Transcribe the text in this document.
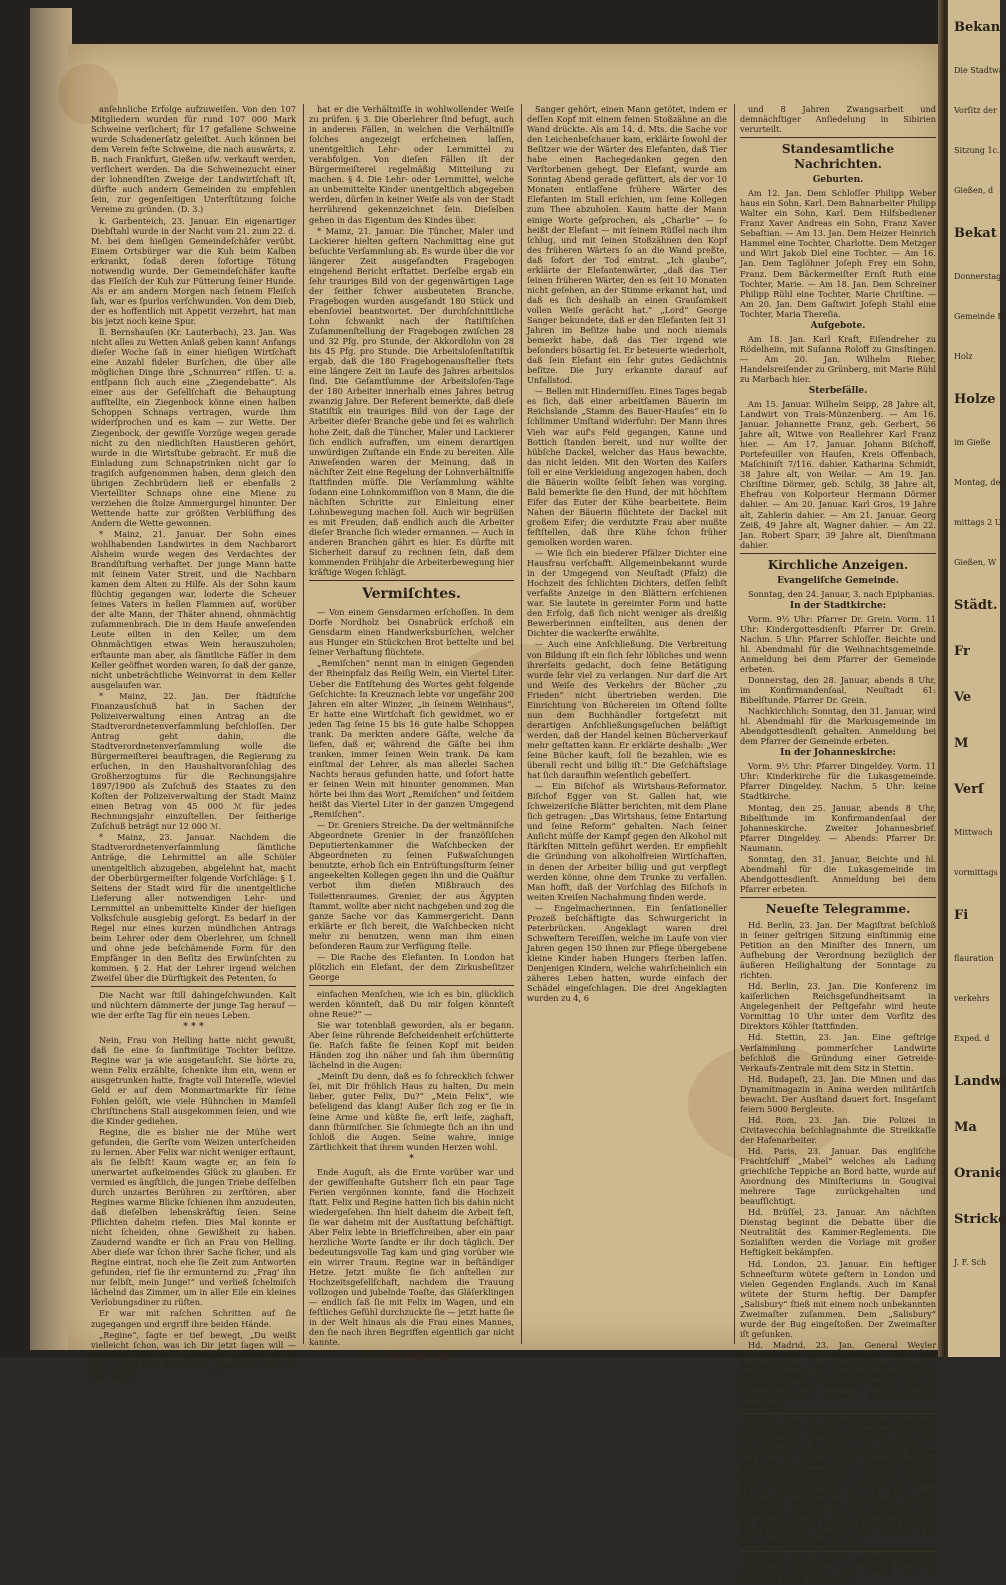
anſehnliche Erfolge aufzuweiſen. Von den 107 Mitgliedern wurden für rund 107 000 Mark Schweine verſichert; für 17 gefallene Schweine wurde Schadenerſatz geleiſtet. Auch können bei dem Verein feſte Schweine, die nach auswärts, z. B. nach Frankfurt, Gießen uſw. verkauft werden, verſichert werden. Da die Schweinezucht einer der lohnendſten Zweige der Landwirtſchaft iſt, dürfte auch andern Gemeinden zu empfehlen ſein, zur gegenſeitigen Unterſtützung ſolche Vereine zu gründen. (D. 3.)

k. Garbenteich, 23. Januar. Ein eigenartiger Diebſtahl wurde in der Nacht vom 21. zum 22. d. M. bei dem hieſigen Gemeindeſchäfer verübt. Einem Ortsbürger war die Kuh beim Kalben erkrankt, ſodaß deren ſofortige Tötung notwendig wurde. Der Gemeindeſchäfer kaufte das Fleiſch der Kuh zur Fütterung ſeiner Hunde. Als er am andern Morgen nach ſeinem Fleiſch ſah, war es ſpurlos verſchwunden. Von dem Dieb, der es hoffentlich mit Appetit verzehrt, hat man bis jetzt noch keine Spur.

ll. Bernshauſen (Kr. Lauterbach), 23. Jan. Was nicht alles zu Wetten Anlaß geben kann! Anfangs dieſer Woche ſaß in einer hieſigen Wirtſchaft eine Anzahl fideler Burſchen, die über alle möglichen Dinge ihre „Schnurren“ riſſen. U. a. entſpann ſich auch eine „Ziegendebatte“. Als einer aus der Geſellſchaft die Behauptung aufſtellte, ein Ziegenbock könne einen halben Schoppen Schnaps vertragen, wurde ihm widerſprochen und es kam — zur Wette. Der Ziegenbock, der gewiſſe Vorzüge wegen gerade nicht zu den niedlichſten Haustieren gehört, wurde in die Wirtsſtube gebracht. Er muß die Einladung zum Schnapstrinken nicht gar ſo tragiſch aufgenommen haben, denn gleich den übrigen Zechbrüdern ließ er ebenfalls 2 Viertelliter Schnaps ohne eine Miene zu verziehen die ſtolze Ammergurgel hinunter. Der Wettende hatte zur größten Verblüffung des Andern die Wette gewonnen.

* Mainz, 21. Januar. Der Sohn eines wohlhabenden Landwirtes in dem Nachbarort Alsheim wurde wegen des Verdachtes der Brandſtiftung verhaftet. Der junge Mann hatte mit ſeinem Vater Streit, und die Nachbarn kamen dem Alten zu Hilfe. Als der Sohn kaum flüchtig gegangen war, loderte die Scheuer ſeines Vaters in hellen Flammen auf, worüber der alte Mann, der Thäter ahnend, ohnmächtig zuſammenbrach. Die in dem Hauſe anweſenden Leute eilten in den Keller, um dem Ohnmächtigen etwas Wein herauszuholen; erſtaunte man aber, als ſämtliche Fäſſer in dem Keller geöffnet worden waren, ſo daß der ganze, nicht unbeträchtliche Weinvorrat in dem Keller ausgelaufen war.

* Mainz, 22. Jan. Der ſtädtiſche Finanzausſchuß hat in Sachen der Polizeiverwaltung einen Antrag an die Stadtverordnetenverſammlung beſchloſſen. Der Antrag geht dahin, die Stadtverordnetenverſammlung wolle die Bürgermeiſterei beauftragen, die Regierung zu erſuchen, in den Haushaltvoranſchlag des Großherzogtums für die Rechnungsjahre 1897/1900 als Zuſchuß des Staates zu den Koſten der Polizeiverwaltung der Stadt Mainz einen Betrag von 45 000 ℳ für jedes Rechnungsjahr einzuſtellen. Der ſeitherige Zuſchuß beträgt nur 12 000 ℳ.

* Mainz, 23. Januar. Nachdem die Stadtverordnetenverſammlung ſämtliche Anträge, die Lehrmittel an alle Schüler unentgeltlich abzugeben, abgelehnt hat, macht der Oberbürgermeiſter folgende Vorſchläge: § 1. Seitens der Stadt wird für die unentgeltliche Lieferung aller notwendigen Lehr- und Lernmittel an unbemittelte Kinder der hieſigen Volksſchule ausgiebig geſorgt. Es bedarf in der Regel nur eines kurzen mündlichen Antrags beim Lehrer oder dem Oberlehrer, um ſchnell und ohne jede beſchämende Form für den Empfänger in den Beſitz des Erwünſchten zu kommen. § 2. Hat der Lehrer irgend welchen Zweifel über die Dürftigkeit des Petenten, ſo

Die Nacht war ſtill dahingeſchwunden. Kalt und nüchtern dämmerte der junge Tag herauf — wie der erſte Tag für ein neues Leben.

* * *

Nein, Frau von Helling hatte nicht gewußt, daß ſie eine ſo ſanftmütige Tochter beſitze. Regine war ja wie ausgetauſcht. Sie hörte zu, wenn Felix erzählte, ſchenkte ihm ein, wenn er ausgetrunken hatte, fragte voll Intereſſe, wieviel Geld er auf dem Monmartmarkte für ſeine Fohlen gelöſt, wie viele Hühnchen in Mamſell Chriſtinchens Stall ausgekommen ſeien, und wie die Kinder gediehen.

Regine, die es bisher nie der Mühe wert gefunden, die Gerſte vom Weizen unterſcheiden zu lernen. Aber Felix war nicht weniger erſtaunt, als ſie ſelbſt! Kaum wagte er, an ſein ſo unerwartet aufkeimendes Glück zu glauben. Er vermied es ängſtlich, die jungen Triebe deſſelben durch unzartes Berühren zu zerſtören, aber Regines warme Blicke ſchienen ihm anzudeuten, daß dieſelben lebenskräftig ſeien. Seine Pflichten daheim riefen. Dies Mal konnte er nicht ſcheiden, ohne Gewißheit zu haben. Zaudernd wandte er ſich an Frau von Helling. Aber dieſe war ſchon ihrer Sache ſicher, und als Regine eintrat, noch ehe ſie Zeit zum Antworten gefunden, rief ſie ihr ermunternd zu: „Frag' ihn nur ſelbſt, mein Junge!“ und verließ ſchelmiſch lächelnd das Zimmer, um in aller Eile ein kleines Verlobungsdiner zu rüſten.

Er war mit raſchen Schritten auf ſie zugegangen und ergriff ihre beiden Hände.

„Regine“, ſagte er tief bewegt, „Du weißt vielleicht ſchon, was ich Dir jetzt ſagen will — daß ich Dich liebe habe, ganz unbeſchreiblich lieb — darf ich“, er ſtockte, „glaubſt Du, daß Du mit einem

hat er die Verhältniſſe in wohlwollender Weiſe zu prüfen. § 3. Die Oberlehrer ſind befugt, auch in anderen Fällen, in welchen die Verhältniſſe ſolches angezeigt erſcheinen laſſen, unentgeltlich Lehr- oder Lernmittel zu verabfolgen. Von dieſen Fällen iſt der Bürgermeiſterei regelmäßig Mitteilung zu machen. § 4. Die Lehr- oder Lernmittel, welche an unbemittelte Kinder unentgeltlich abgegeben werden, dürfen in keiner Weiſe als von der Stadt herrührend gekennzeichnet ſein. Dieſelben gehen in das Eigentum des Kindes über.

* Mainz, 21. Januar. Die Tüncher, Maler und Lackierer hielten geſtern Nachmittag eine gut beſuchte Verſammlung ab. Es wurde über die vor längerer Zeit ausgeſandten Fragebogen eingehend Bericht erſtattet. Derſelbe ergab ein ſehr trauriges Bild von der gegenwärtigen Lage der ſeither ſchwer ausbeuteten Branche. Fragebogen wurden ausgeſandt 180 Stück und ebenſoviel beantwortet. Der durchſchnittliche Lohn ſchwankt nach der ſtatiſtiſchen Zuſammenſtellung der Fragebogen zwiſchen 28 und 32 Pfg. pro Stunde, der Akkordlohn von 28 bis 45 Pfg. pro Stunde. Die Arbeitsloſenſtatiſtik ergab, daß die 180 Fragebogenausſteller ſtets eine längere Zeit im Laufe des Jahres arbeitslos ſind. Die Geſamtſumme der Arbeitsloſen-Tage der 180 Arbeiter innerhalb eines Jahres betrug zwanzig Jahre. Der Referent bemerkte, daß dieſe Statiſtik ein trauriges Bild von der Lage der Arbeiter dieſer Branche gebe und ſei es wahrlich hohe Zeit, daß die Tüncher, Maler und Lackierer ſich endlich aufraffen, um einem derartigen unwürdigen Zuſtande ein Ende zu bereiten. Alle Anweſenden waren der Meinung, daß in nächſter Zeit eine Regelung der Lohnverhältniſſe ſtattfinden müſſe. Die Verſammlung wählte ſodann eine Lohnkommiſſion von 8 Mann, die die nächſten Schritte zur Einleitung einer Lohnbewegung machen ſoll. Auch wir begrüßen es mit Freuden, daß endlich auch die Arbeiter dieſer Branche ſich wieder ermannen. — Auch in anderen Branchen gährt es hier. Es dürfte mit Sicherheit darauf zu rechnen ſein, daß dem kommenden Frühjahr die Arbeiterbewegung hier kräftige Wogen ſchlägt.

Vermiſchtes.

— Von einem Gensdarmen erſchoſſen. In dem Dorfe Nordholz bei Osnabrück erſchoß ein Gensdarm einen Handwerksburſchen, welcher aus Hunger ein Stückchen Brot bettelte und bei ſeiner Verhaftung flüchtete.

„Remiſchen“ nennt man in einigen Gegenden der Rheinpfalz das Reiſig Wein, ein Viertel Liter. Ueber die Entſtehung des Wortes geht folgende Geſchichte: In Kreuznach lebte vor ungefähr 200 Jahren ein alter Winzer, „in ſeinem Weinhaus“, Er hatte eine Wirtſchaft ſich gewidmet, wo er jeden Tag ſeine 15 bis 16 gute halbe Schoppen trank. Da merkten andere Gäſte, welche da liefen, daß er, während die Gäſte bei ihm tranken, immer ſeinen Wein trank. Da kam einſtmal der Lehrer, als man allerlei Sachen Nachts heraus gefunden hatte, und ſofort hatte er ſeinen Wein mit hinunter genommen. Man hörte bei ihm das Wort „Remiſchen“ und ſeitdem heißt das Viertel Liter in der ganzen Umgegend „Remiſchen“.

— Dr. Greniers Streiche. Da der weltmänniſche Abgeordnete Grenier in der franzöſiſchen Deputiertenkammer die Waſchbecken der Abgeordneten zu ſeinen Fußwaſchungen benutzte, erhob ſich ein Entrüſtungsſturm ſeiner angeekelten Kollegen gegen ihn und die Quäſtur verbot ihm dieſen Mißbrauch des Toilettenraumes. Grenier, der aus Ägypten ſtammt, wollte aber nicht nachgeben und zog die ganze Sache vor das Kammergericht. Dann erklärte er ſich bereit, die Waſchbecken nicht mehr zu benutzen, wenn man ihm einen beſonderen Raum zur Verfügung ſtelle.

— Die Rache des Elefanten. In London hat plötzlich ein Elefant, der dem Zirkusbeſitzer George

einfachen Menſchen, wie ich es bin, glücklich werden könnteſt, daß Du mir folgen könnteſt ohne Reue?“ —

Sie war totenblaß geworden, als er begann. Aber ſeine rührende Beſcheidenheit erſchütterte ſie. Raſch faßte ſie ſeinen Kopf mit beiden Händen zog ihn näher und ſah ihm übermütig lächelnd in die Augen:

„Meinſt Du denn, daß es ſo ſchrecklich ſchwer ſei, mit Dir fröhlich Haus zu halten, Du mein lieber, guter Felix, Du?“ „Mein Felix“, wie beſeligend das klang! Außer ſich zog er ſie in ſeine Arme und küßte ſie, erſt leiſe, zaghaft, dann ſtürmiſcher. Sie ſchmiegte ſich an ihn und ſchloß die Augen. Seine wahre, innige Zärtlichkeit that ihrem wunden Herzen wohl.

*

Ende Auguſt, als die Ernte vorüber war und der gewiſſenhafte Gutsherr ſich ein paar Tage Ferien vergönnen konnte, fand die Hochzeit ſtatt. Felix und Regine hatten ſich bis dahin nicht wiedergeſehen. Ihn hielt daheim die Arbeit feſt, ſie war daheim mit der Ausſtattung beſchäftigt. Aber Felix lebte in Briefſchreiben, aber ein paar herzliche Worte ſandte er ihr doch täglich. Der bedeutungsvolle Tag kam und ging vorüber wie ein wirrer Traum. Regine war in beſtändiger Hetze. Jetzt mußte ſie ſich anſtellen zur Hochzeitsgeſellſchaft, nachdem die Trauung vollzogen und jubelnde Toaſte, das Gläſerklingen — endlich ſaß ſie mit Felix im Wagen, und ein feſtliches Gefühl durchzuckte ſie — jetzt hatte ſie in der Welt hinaus als die Frau eines Mannes, den ſie nach ihren Begriffen eigentlich gar nicht kannte.

(Fortſetzung folgt.)

Sanger gehört, einen Mann getötet, indem er deſſen Kopf mit einem feinen Stoßzähne an die Wand drückte. Als am 14. d. Mts. die Sache vor den Leichenbeſchauer kam, erklärte ſowohl der Beſitzer wie der Wärter des Elefanten, daß Tier habe einen Rachegedanken gegen den Verſtorbenen gehegt. Der Elefant, wurde am Sonntag Abend gerade gefüttert, als der vor 10 Monaten entlaſſene frühere Wärter des Elefanten im Stall erſchien, um ſeine Kollegen zum Thee abzuholen. Kaum hatte der Mann einige Worte geſprochen, als „Charlie“ — ſo heißt der Elefant — mit ſeinem Rüſſel nach ihm ſchlug, und mit ſeinen Stoßzähnen den Kopf des früheren Wärters ſo an die Wand preßte, daß ſofort der Tod eintrat. „Ich glaube“, erklärte der Elefantenwärter, „daß das Tier ſeinen früheren Wärter, den es ſeit 10 Monaten nicht geſehen, an der Stimme erkannt hat, und daß es ſich deshalb an einen Grauſamkeit vollen Weiſe gerächt hat.“ „Lord“ George Sanger bekundete, daß er den Elefanten ſeit 31 Jahren im Beſitze habe und noch niemals bemerkt habe, daß das Tier irgend wie beſonders bösartig ſei. Er beteuerte wiederholt, daß ſein Elefant ein ſehr gutes Gedächtnis beſitze. Die Jury erkannte darauf auf Unfallstod.

— Bellen mit Hinderniſſen. Eines Tages begab es ſich, daß einer arbeitſamen Bäuerin im Reichslande „Stamm des Bauer-Hauſes“ ein ſo ſchlimmer Umſtand widerfuhr: Der Mann ihres Vieh war auf's Feld gegangen, Kanne und Bottich ſtanden bereit, und nur wollte der hübſche Dackel, welcher das Haus bewachte, das nicht leiden. Mit den Worten des Kaiſers ſoll er eine Verkleidung angezogen haben, doch die Bäuerin wollte ſelbſt ſehen was vorging. Bald bemerkte ſie den Hund, der mit höchſtem Eifer das Euter der Kühe bearbeitete. Beim Nahen der Bäuerin flüchtete der Dackel mit großem Eifer; die verdutzte Frau aber mußte feſtſtellen, daß ihre Kühe ſchon früher gemolken worden waren.

— Wie ſich ein biederer Pfälzer Dichter eine Hausfrau verſchafft. Allgemeinbekannt wurde in der Umgegend von Neuſtadt (Pfalz) die Hochzeit des ſchlichten Dichters, deſſen ſelbſt verfaßte Anzeige in den Blättern erſchienen war. Sie lautete in gereimter Form und hatte den Erfolg, daß ſich nicht weniger als dreißig Bewerberinnen einſtellten, aus denen der Dichter die wackerſte erwählte.

— Auch eine Anſchließung. Die Verbreitung von Bildung iſt ein ſich ſehr löbliches und wenn ihrerſeits gedacht, doch ſeine Betätigung wurde ſehr viel zu verlangen. Nur darf die Art und Weiſe des Verkehrs der Bücher „zu Frieden“ nicht übertrieben werden. Die Einrichtung von Büchereien im Oſtend ſollte nun dem Buchhändler fortgeſetzt mit derartigen Anſchließungsgeſuchen beläſtigt werden, daß der Handel keinen Bücherverkauf mehr geſtatten kann. Er erklärte deshalb: „Wer ſeine Bücher kauft, ſoll ſie bezahlen, wie es überall recht und billig iſt.“ Die Geſchäftslage hat ſich daraufhin weſentlich gebeſſert.

— Ein Biſchof als Wirtshaus-Reformator. Biſchof Egger von St. Gallen hat, wie ſchweizeriſche Blätter berichten, mit dem Plane ſich getragen: „Das Wirtshaus, ſeine Entartung und ſeine Reform“ gehalten. Nach ſeiner Anſicht müſſe der Kampf gegen den Alkohol mit ſtärkſten Mitteln geführt werden. Er empfiehlt die Gründung von alkoholfreien Wirtſchaften, in denen der Arbeiter billig und gut verpflegt werden könne, ohne dem Trunke zu verfallen. Man hofft, daß der Vorſchlag des Biſchofs in weiten Kreiſen Nachahmung finden werde.

— Engelmacherinnen. Ein ſenſationeller Prozeß beſchäftigte das Schwurgericht in Peterbrücken. Angeklagt waren drei Schweſtern Tereiſſen, welche im Laufe von vier Jahren gegen 150 ihnen zur Pflege übergebene kleine Kinder haben Hungers ſterben laſſen. Denjenigen Kindern, welche wahrſcheinlich ein zäheres Leben hatten, wurde einfach der Schädel eingeſchlagen. Die drei Angeklagten wurden zu 4, 6

und 8 Jahren Zwangsarbeit und demnächſtiger Anſiedelung in Sibirien verurteilt.

Standesamtliche Nachrichten.

Geburten.

Am 12. Jan. Dem Schloſſer Philipp Weber haus ein Sohn, Karl. Dem Bahnarbeiter Philipp Walter ein Sohn, Karl. Dem Hilfsbediener Franz Xaver Andreas ein Sohn, Franz Xaver Sebaſtian. — Am 13. Jan. Dem Heizer Heinrich Hammel eine Tochter, Charlotte. Dem Metzger und Wirt Jakob Diel eine Tochter. — Am 16. Jan. Dem Taglöhner Joſeph Frey ein Sohn, Franz. Dem Bäckermeiſter Ernſt Ruth eine Tochter, Marie. — Am 18. Jan. Dem Schreiner Philipp Rühl eine Tochter, Marie Chriſtine. — Am 20. Jan. Dem Gaſtwirt Joſeph Stahl eine Tochter, Maria Thereſia.

Aufgebote.

Am 18. Jan. Karl Kraft, Eiſendreher zu Rödelheim, mit Suſanna Roloff zu Ginsſtingen. — Am 20. Jan. Wilhelm Rieber, Handelsreiſender zu Grünberg, mit Marie Rühl zu Marbach hier.

Sterbefälle.

Am 15. Januar. Wilhelm Seipp, 28 Jahre alt, Landwirt von Trais-Münzenberg. — Am 16. Januar. Johannette Franz, geb. Gerbert, 56 Jahre alt, Witwe von Reallehrer Karl Franz hier. — Am 17. Januar. Johann Biſchoff, Portefeuiller von Hauſen, Kreis Offenbach, Maſchiniſt 7/116. dahier. Katharina Schmidt, 38 Jahre alt, von Weilar. — Am 19. Jan. Chriſtine Dörmer, geb. Schilg, 38 Jahre alt, Ehefrau von Kolporteur Hermann Dörmer dahier. — Am 20. Januar. Karl Gros, 19 Jahre alt, Zahlerin dahier. — Am 21. Januar. Georg Zeiß, 49 Jahre alt, Wagner dahier. — Am 22. Jan. Robert Sparr, 39 Jahre alt, Dienſtmann dahier.

Kirchliche Anzeigen.

Evangeliſche Gemeinde.

Sonntag, den 24. Januar, 3. nach Epiphanias.

In der Stadtkirche:

Vorm. 9½ Uhr: Pfarrer Dr. Grein. Vorm. 11 Uhr: Kindergottesdienſt: Pfarrer Dr. Grein. Nachm. 5 Uhr: Pfarrer Schloſſer. Beichte und hl. Abendmahl für die Weihnachtsgemeinde. Anmeldung bei dem Pfarrer der Gemeinde erbeten.

Donnerstag, den 28. Januar, abends 8 Uhr, im Konfirmandenſaal, Neuſtadt 61: Bibelſtunde. Pfarrer Dr. Grein.

Nachkirchlich: Sonntag, den 31. Januar, wird hl. Abendmahl für die Markusgemeinde im Abendgottesdienſt gehalten. Anmeldung bei dem Pfarrer der Gemeinde erbeten.

In der Johanneskirche:

Vorm. 9½ Uhr: Pfarrer Dingeldey. Vorm. 11 Uhr: Kinderkirche für die Lukasgemeinde. Pfarrer Dingeldey. Nachm. 5 Uhr: keine Stadtkirche.

Montag, den 25. Januar, abends 8 Uhr, Bibelſtunde im Konfirmandenſaal der Johanneskirche. Zweiter Johannesbrief. Pfarrer Dingeldey. — Abends: Pfarrer Dr. Naumann.

Sonntag, den 31. Januar, Beichte und hl. Abendmahl für die Lukasgemeinde im Abendgottesdienſt. Anmeldung bei dem Pfarrer erbeten.

Neueſte Telegramme.

Hd. Berlin, 23. Jan. Der Magiſtrat beſchloß in ſeiner geſtrigen Sitzung einſtimmig eine Petition an den Miniſter des Innern, um Aufhebung der Verordnung bezüglich der äußeren Heilighaltung der Sonntage zu richten.

Hd. Berlin, 23. Jan. Die Konferenz im kaiſerlichen Reichsgeſundheitsamt in Angelegenheit der Peſtgefahr wird heute Vormittag 10 Uhr unter dem Vorſitz des Direktors Köhler ſtattfinden.

Hd. Stettin, 23. Jan. Eine geſtrige Verſammlung pommerſcher Landwirte beſchloß die Gründung einer Getreide-Verkaufs-Zentrale mit dem Sitz in Stettin.

Hd. Budapeſt, 23. Jan. Die Minen und das Dynamitmagazin in Anina werden militäriſch bewacht. Der Ausſtand dauert fort. Insgeſamt feiern 5000 Bergleute.

Hd. Rom, 23. Jan. Die Polizei in Civitavecchia beſchlagnahmte die Streikkaſſe der Hafenarbeiter.

Hd. Paris, 23. Januar. Das engliſche Frachtſchiff „Mabel“ welches als Ladung griechiſche Teppiche an Bord hatte, wurde auf Anordnung des Miniſteriums in Gougival mehrere Tage zurückgehalten und beaufſichtigt.

Hd. Brüſſel, 23. Januar. Am nächſten Dienstag beginnt die Debatte über die Neutralität des Kammer-Reglements. Die Sozialiſten werden die Vorlage mit großer Heftigkeit bekämpfen.

Hd. London, 23. Januar. Ein heftiger Schneeſturm wütete geſtern in London und vielen Gegenden Englands. Auch im Kanal wütete der Sturm heftig. Der Dampfer „Salisbury“ ſtieß mit einem noch unbekannten Zweimaſter zuſammen. Dem „Salisbury“ wurde der Bug eingeſtoßen. Der Zweimaſter iſt geſunken.

Hd. Madrid, 23. Jan. General Weyler beſchloß, daß alle Pflanzungen, welche der Aufſtändiſchen zum Nutzen ſein könnten, zerſtört werden. Die Handelskammer hat die Abberufung des Generals Weyler wegen Ueberſchreitung ſeiner Machtbefugniſſe beantragt.

Gießen, den 23. Januar. Auf dem heutigen Wochenmarkte koſtete: Butter per Pfd. 75—95, Hühnereier 1 Stück 7—8, Enteneier —, Gänſeeier —, Käſe 5—8, Käſematte 3, Erbſen per Liter 18, Linſen 28 Pfg., Tauben per Paar 70—90 Pfg., Hühner p. St. 1,00—1,20, Hahnen 1,20—1,50, Enten 1,50—2,00, Gänſe per Pfund 48—54, Ochſenfleiſch 66—74, Kuh- und Rindfleiſch 60 bis 66, Schweinefl. 56—66, Schweinefl., geſalz. 70—72, Kalbfleiſch 62—66, Hammelfleiſch 60—64, Kartoffeln per 100 Kilo 4,50—5,00, Zwiebeln per Zentner 4,00 Mark, Milch per Liter 16 Pfg.

Verleger: Paul Bader in Marburg. Verantw. Redakteur: Wilhelm Soll. Druck von G. Ottmann, beide in Gießen.

Bekan
Die Stadtwa
Vorſitz der
Sitzung 1c.
Gießen, d
Bekat
Donnerstag
Gemeinde H
Holz
Holze
im Gieße
Montag, den
mittags 2 U
Gießen, W
Städt.
Fr
Ve
M
Verſ
Mittwoch
vormittags
Fi
flauration
verkehrs
Exped. d
Landwi
Ma
Oranie
Stricke
J. F. Sch
